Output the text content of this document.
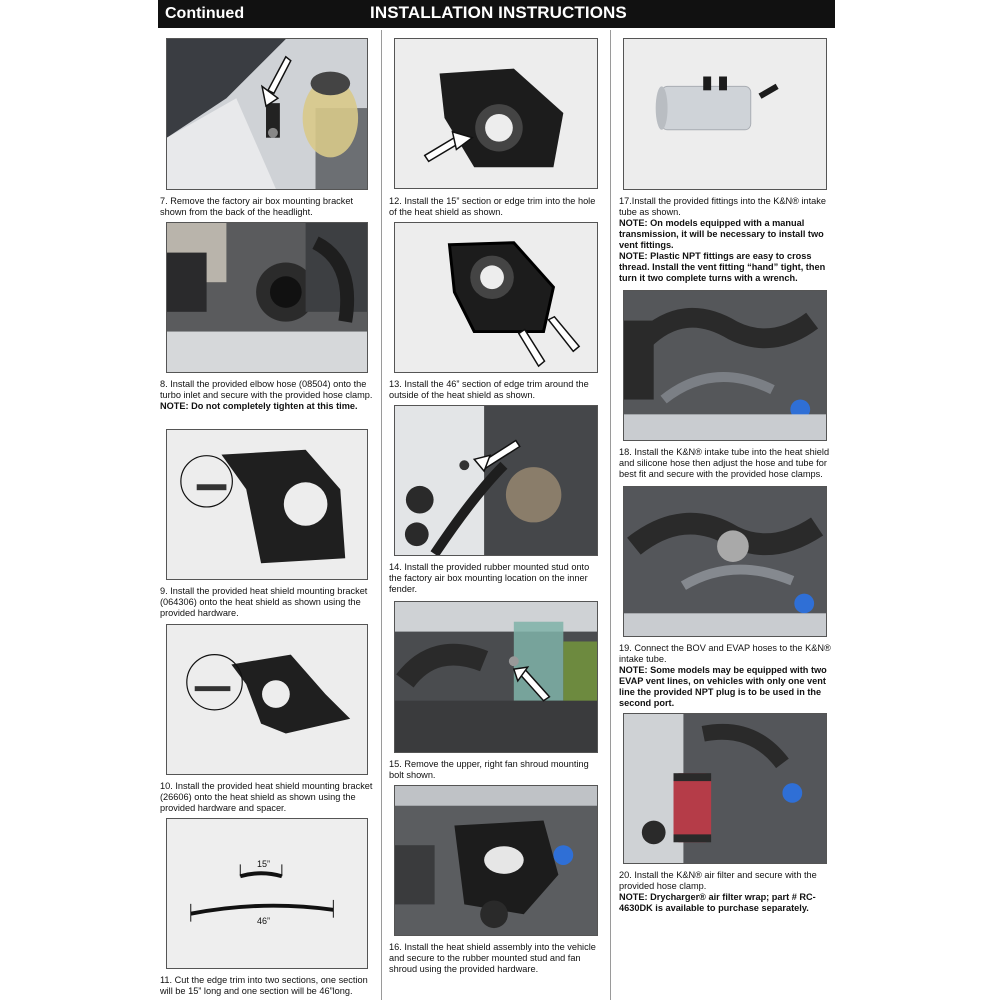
Continued	INSTALLATION INSTRUCTIONS
7. Remove the factory air box mounting bracket shown from the back of the headlight.
8. Install the provided elbow hose (08504) onto the turbo inlet and secure with the provided hose clamp.
NOTE: Do not completely tighten at this time.
9. Install the provided heat shield mounting bracket (064306) onto the heat shield as shown using the provided hardware.
10. Install the provided heat shield mounting bracket (26606) onto the heat shield as shown using the provided hardware and spacer.
15”
46”
11. Cut the edge trim into two sections, one section will be 15” long and one section will be 46”long.
12. Install the 15” section or edge trim into the hole of the heat shield as shown.
13. Install the 46” section of edge trim around the outside of the heat shield as shown.
14. Install the provided rubber mounted stud onto the factory air box mounting location on the inner fender.
15. Remove the upper, right fan shroud mounting bolt shown.
16. Install the heat shield assembly into the vehicle and secure to the rubber mounted stud and fan shroud using the provided hardware.
17.Install the provided fittings into the K&N® intake tube as shown.
NOTE: On models equipped with a manual transmission, it will be necessary to install two vent fittings.
NOTE: Plastic NPT fittings are easy to cross thread. Install the vent fitting “hand” tight, then turn it two complete turns with a wrench.
18. Install the K&N® intake tube into the heat shield and silicone hose then adjust the hose and tube for best fit and secure with the provided hose clamps.
19. Connect the BOV and EVAP hoses to the K&N® intake tube.
NOTE: Some models may be equipped with two EVAP vent lines, on vehicles with only one vent line the provided NPT plug is to be used in the second port.
20. Install the K&N® air filter and secure with the provided hose clamp.
NOTE: Drycharger® air filter wrap; part # RC-4630DK is available to purchase separately.
